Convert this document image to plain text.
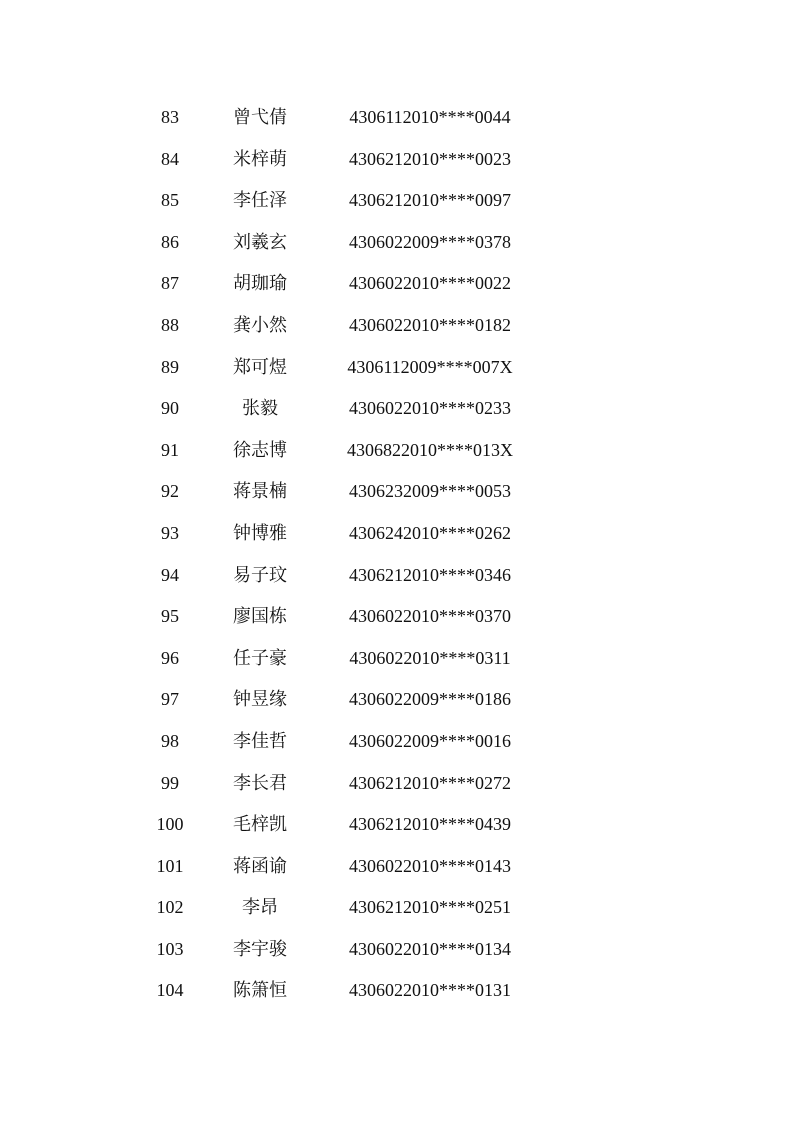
83	曾弋倩	4306112010****0044
84	米梓萌	4306212010****0023
85	李任泽	4306212010****0097
86	刘羲玄	4306022009****0378
87	胡珈瑜	4306022010****0022
88	龚小然	4306022010****0182
89	郑可煜	4306112009****007X
90	张毅	4306022010****0233
91	徐志博	4306822010****013X
92	蒋景楠	4306232009****0053
93	钟博雅	4306242010****0262
94	易子玟	4306212010****0346
95	廖国栋	4306022010****0370
96	任子豪	4306022010****0311
97	钟昱缘	4306022009****0186
98	李佳哲	4306022009****0016
99	李长君	4306212010****0272
100	毛梓凯	4306212010****0439
101	蒋函谕	4306022010****0143
102	李昂	4306212010****0251
103	李宇骏	4306022010****0134
104	陈箫恒	4306022010****0131
